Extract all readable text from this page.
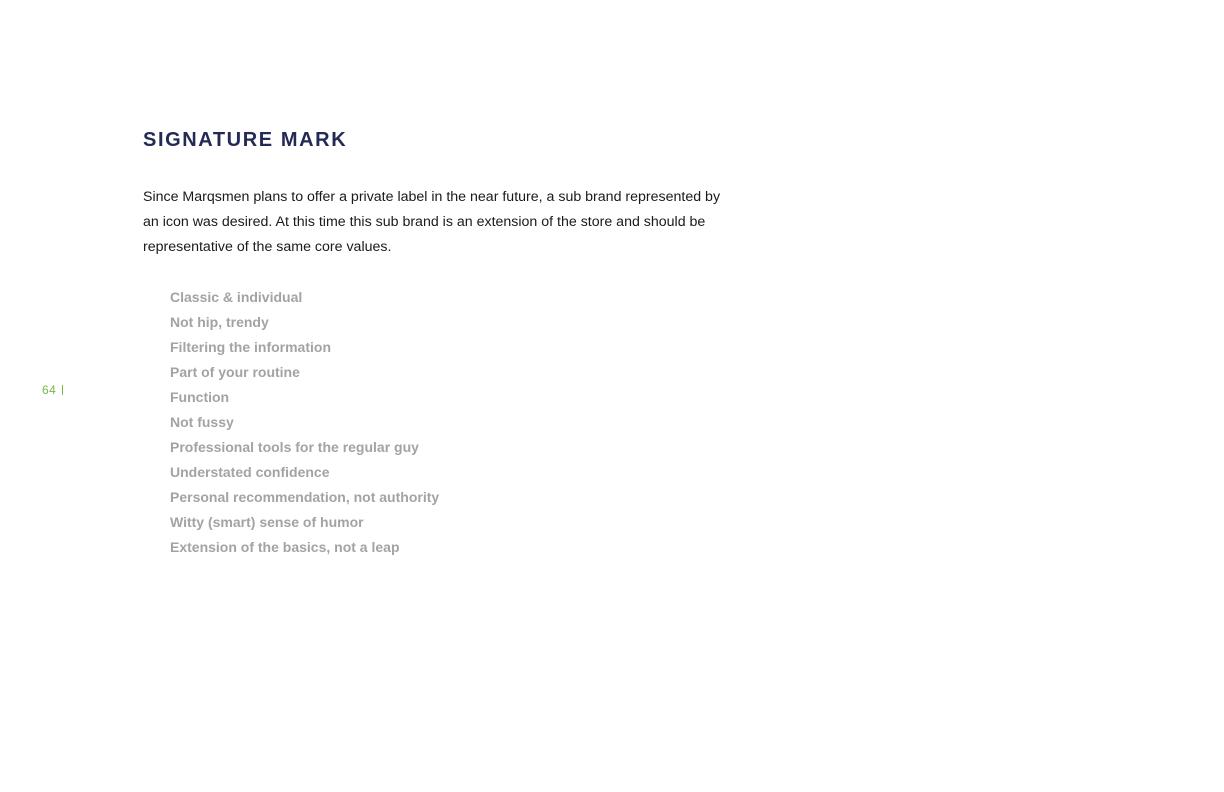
64
SIGNATURE MARK

Since Marqsmen plans to offer a private label in the near future, a sub brand represented by an icon was desired. At this time this sub brand is an extension of the store and should be representative of the same core values.

Classic & individual
Not hip, trendy
Filtering the information
Part of your routine
Function
Not fussy
Professional tools for the regular guy
Understated confidence
Personal recommendation, not authority
Witty (smart) sense of humor
Extension of the basics, not a leap
